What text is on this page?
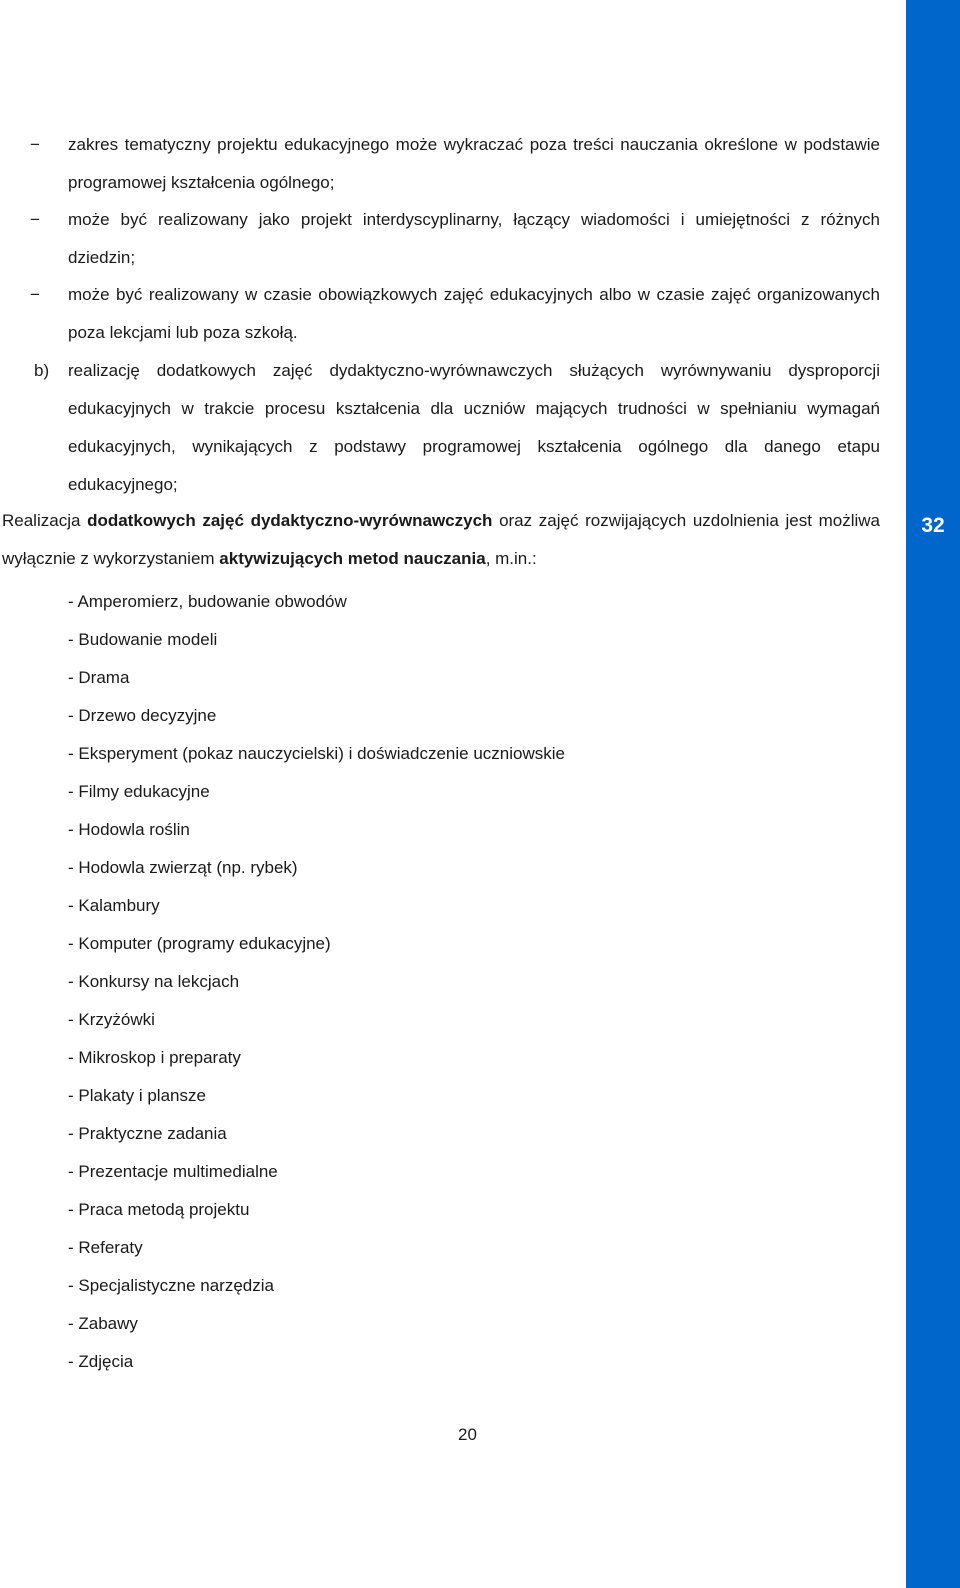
32
− zakres tematyczny projektu edukacyjnego może wykraczać poza treści nauczania określone w podstawie programowej kształcenia ogólnego;

− może być realizowany jako projekt interdyscyplinarny, łączący wiadomości i umiejętności z różnych dziedzin;

− może być realizowany w czasie obowiązkowych zajęć edukacyjnych albo w czasie zajęć organizowanych poza lekcjami lub poza szkołą.

b) realizację dodatkowych zajęć dydaktyczno-wyrównawczych służących wyrównywaniu dysproporcji edukacyjnych w trakcie procesu kształcenia dla uczniów mających trudności w spełnianiu wymagań edukacyjnych, wynikających z podstawy programowej kształcenia ogólnego dla danego etapu edukacyjnego;

Realizacja dodatkowych zajęć dydaktyczno-wyrównawczych oraz zajęć rozwijających uzdolnienia jest możliwa wyłącznie z wykorzystaniem aktywizujących metod nauczania, m.in.:

- Amperomierz, budowanie obwodów
- Budowanie modeli
- Drama
- Drzewo decyzyjne
- Eksperyment (pokaz nauczycielski) i doświadczenie uczniowskie
- Filmy edukacyjne
- Hodowla roślin
- Hodowla zwierząt (np. rybek)
- Kalambury
- Komputer (programy edukacyjne)
- Konkursy na lekcjach
- Krzyżówki
- Mikroskop i preparaty
- Plakaty i plansze
- Praktyczne zadania
- Prezentacje multimedialne
- Praca metodą projektu
- Referaty
- Specjalistyczne narzędzia
- Zabawy
- Zdjęcia
20
